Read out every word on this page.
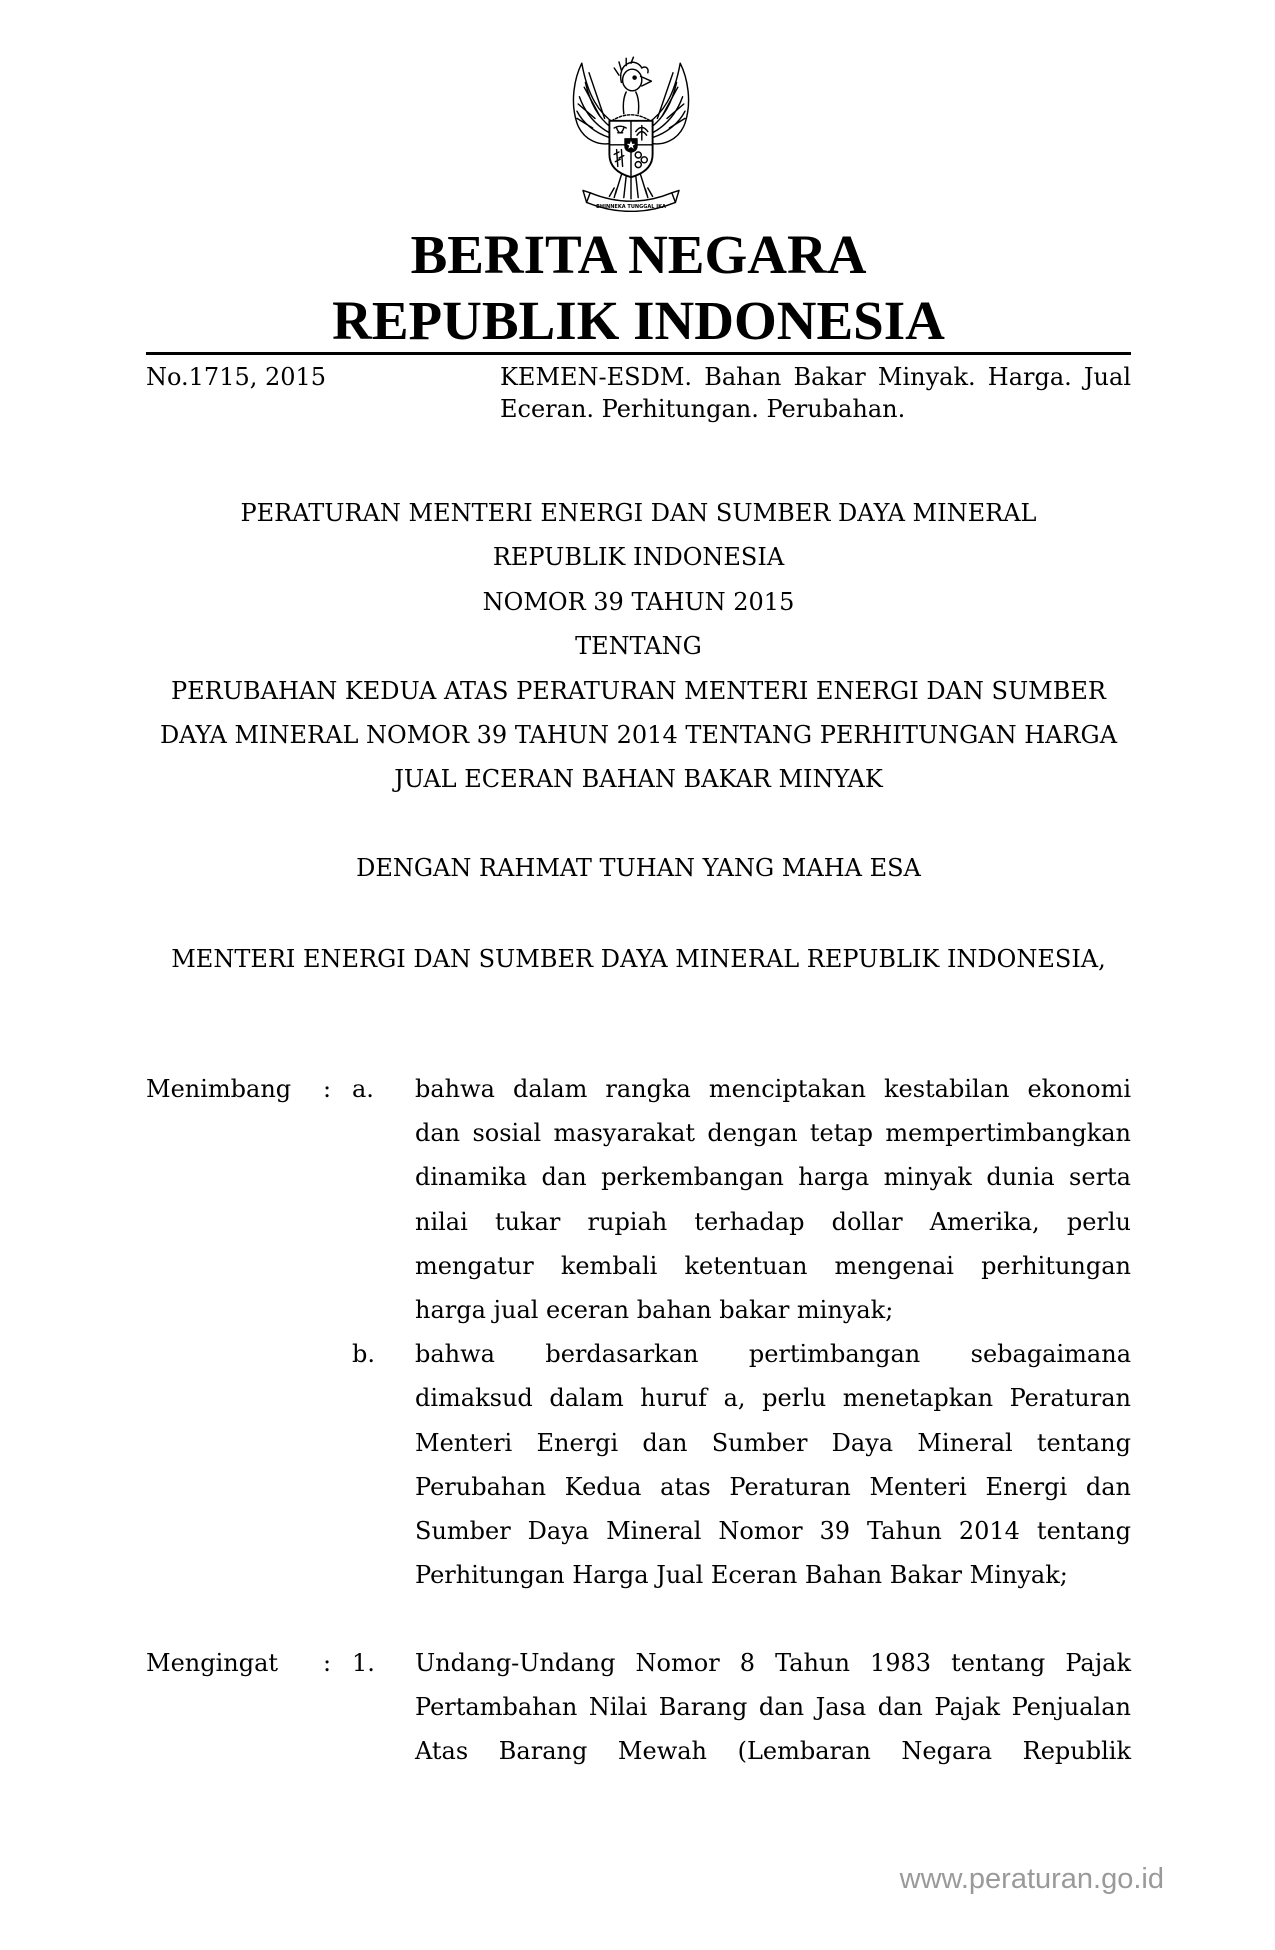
BHINNEKA TUNGGAL IKA
BERITA NEGARA
REPUBLIK INDONESIA
No.1715, 2015	KEMEN-ESDM. Bahan Bakar Minyak. Harga. Jual
Eceran. Perhitungan. Perubahan.
PERATURAN MENTERI ENERGI DAN SUMBER DAYA MINERAL
REPUBLIK INDONESIA
NOMOR 39 TAHUN 2015
TENTANG
PERUBAHAN KEDUA ATAS PERATURAN MENTERI ENERGI DAN SUMBER
DAYA MINERAL NOMOR 39 TAHUN 2014 TENTANG PERHITUNGAN HARGA
JUAL ECERAN BAHAN BAKAR MINYAK
DENGAN RAHMAT TUHAN YANG MAHA ESA
MENTERI ENERGI DAN SUMBER DAYA MINERAL REPUBLIK INDONESIA,
Menimbang	: a.	bahwa dalam rangka menciptakan kestabilan ekonomi
dan sosial masyarakat dengan tetap mempertimbangkan
dinamika dan perkembangan harga minyak dunia serta
nilai tukar rupiah terhadap dollar Amerika, perlu
mengatur kembali ketentuan mengenai perhitungan
harga jual eceran bahan bakar minyak;
b.	bahwa berdasarkan pertimbangan sebagaimana
dimaksud dalam huruf a, perlu menetapkan Peraturan
Menteri Energi dan Sumber Daya Mineral tentang
Perubahan Kedua atas Peraturan Menteri Energi dan
Sumber Daya Mineral Nomor 39 Tahun 2014 tentang
Perhitungan Harga Jual Eceran Bahan Bakar Minyak;
Mengingat	: 1.	Undang-Undang Nomor 8 Tahun 1983 tentang Pajak
Pertambahan Nilai Barang dan Jasa dan Pajak Penjualan
Atas Barang Mewah (Lembaran Negara Republik
www.peraturan.go.id
